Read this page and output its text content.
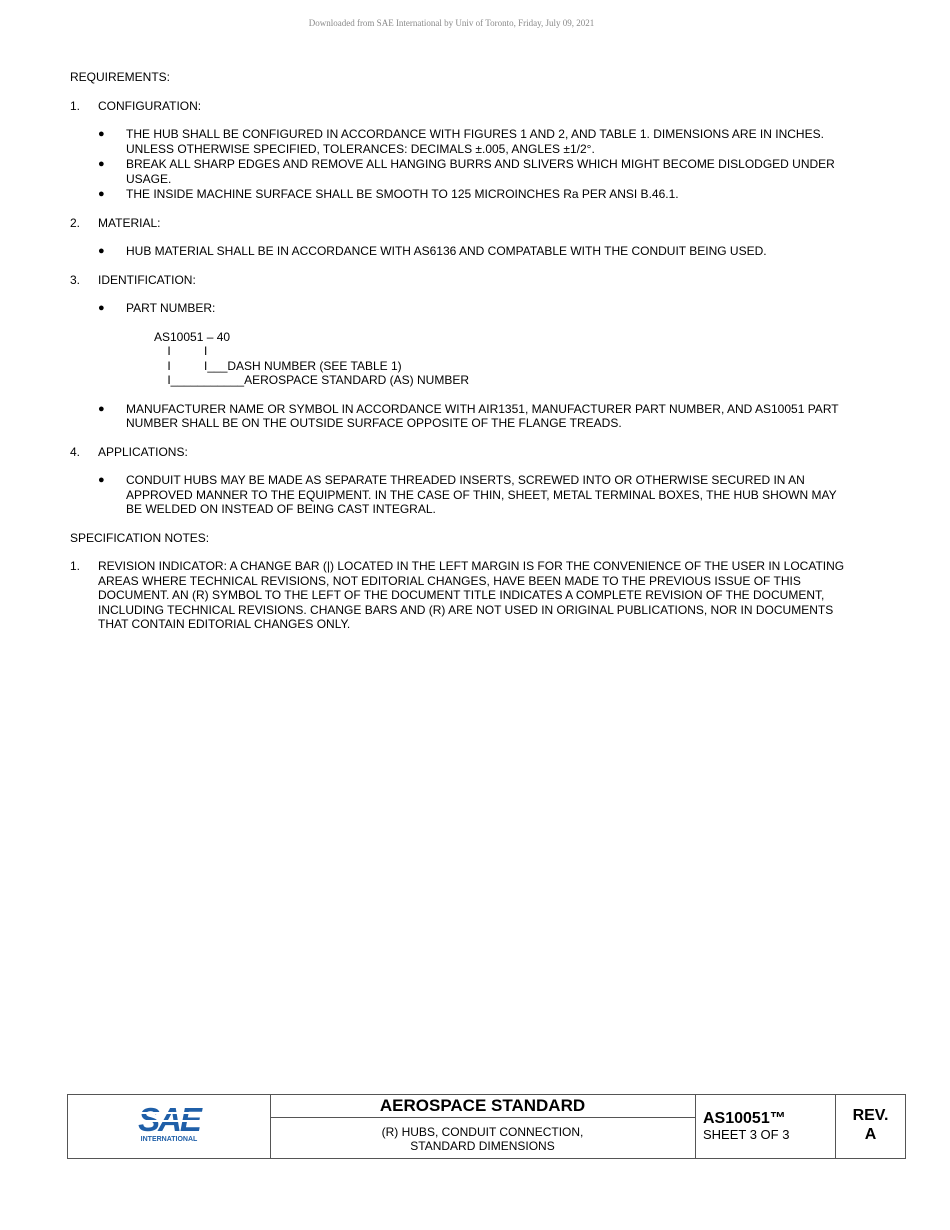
Downloaded from SAE International by Univ of Toronto, Friday, July 09, 2021
REQUIREMENTS:
1.	CONFIGURATION:
●	THE HUB SHALL BE CONFIGURED IN ACCORDANCE WITH FIGURES 1 AND 2, AND TABLE 1. DIMENSIONS ARE IN INCHES. UNLESS OTHERWISE SPECIFIED, TOLERANCES: DECIMALS ±.005, ANGLES ±1/2°.
●	BREAK ALL SHARP EDGES AND REMOVE ALL HANGING BURRS AND SLIVERS WHICH MIGHT BECOME DISLODGED UNDER USAGE.
●	THE INSIDE MACHINE SURFACE SHALL BE SMOOTH TO 125 MICROINCHES Ra PER ANSI B.46.1.
2.	MATERIAL:
●	HUB MATERIAL SHALL BE IN ACCORDANCE WITH AS6136 AND COMPATABLE WITH THE CONDUIT BEING USED.
3.	IDENTIFICATION:
●	PART NUMBER:
AS10051 – 40
I          I
I          I___DASH NUMBER (SEE TABLE 1)
I___________AEROSPACE STANDARD (AS) NUMBER
●	MANUFACTURER NAME OR SYMBOL IN ACCORDANCE WITH AIR1351, MANUFACTURER PART NUMBER, AND AS10051 PART NUMBER SHALL BE ON THE OUTSIDE SURFACE OPPOSITE OF THE FLANGE TREADS.
4.	APPLICATIONS:
●	CONDUIT HUBS MAY BE MADE AS SEPARATE THREADED INSERTS, SCREWED INTO OR OTHERWISE SECURED IN AN APPROVED MANNER TO THE EQUIPMENT. IN THE CASE OF THIN, SHEET, METAL TERMINAL BOXES, THE HUB SHOWN MAY BE WELDED ON INSTEAD OF BEING CAST INTEGRAL.
SPECIFICATION NOTES:
1.	REVISION INDICATOR: A CHANGE BAR (|) LOCATED IN THE LEFT MARGIN IS FOR THE CONVENIENCE OF THE USER IN LOCATING AREAS WHERE TECHNICAL REVISIONS, NOT EDITORIAL CHANGES, HAVE BEEN MADE TO THE PREVIOUS ISSUE OF THIS DOCUMENT. AN (R) SYMBOL TO THE LEFT OF THE DOCUMENT TITLE INDICATES A COMPLETE REVISION OF THE DOCUMENT, INCLUDING TECHNICAL REVISIONS. CHANGE BARS AND (R) ARE NOT USED IN ORIGINAL PUBLICATIONS, NOR IN DOCUMENTS THAT CONTAIN EDITORIAL CHANGES ONLY.
SAE
INTERNATIONAL
AEROSPACE STANDARD
(R) HUBS, CONDUIT CONNECTION,
STANDARD DIMENSIONS
AS10051™
SHEET 3 OF 3
REV.
A
